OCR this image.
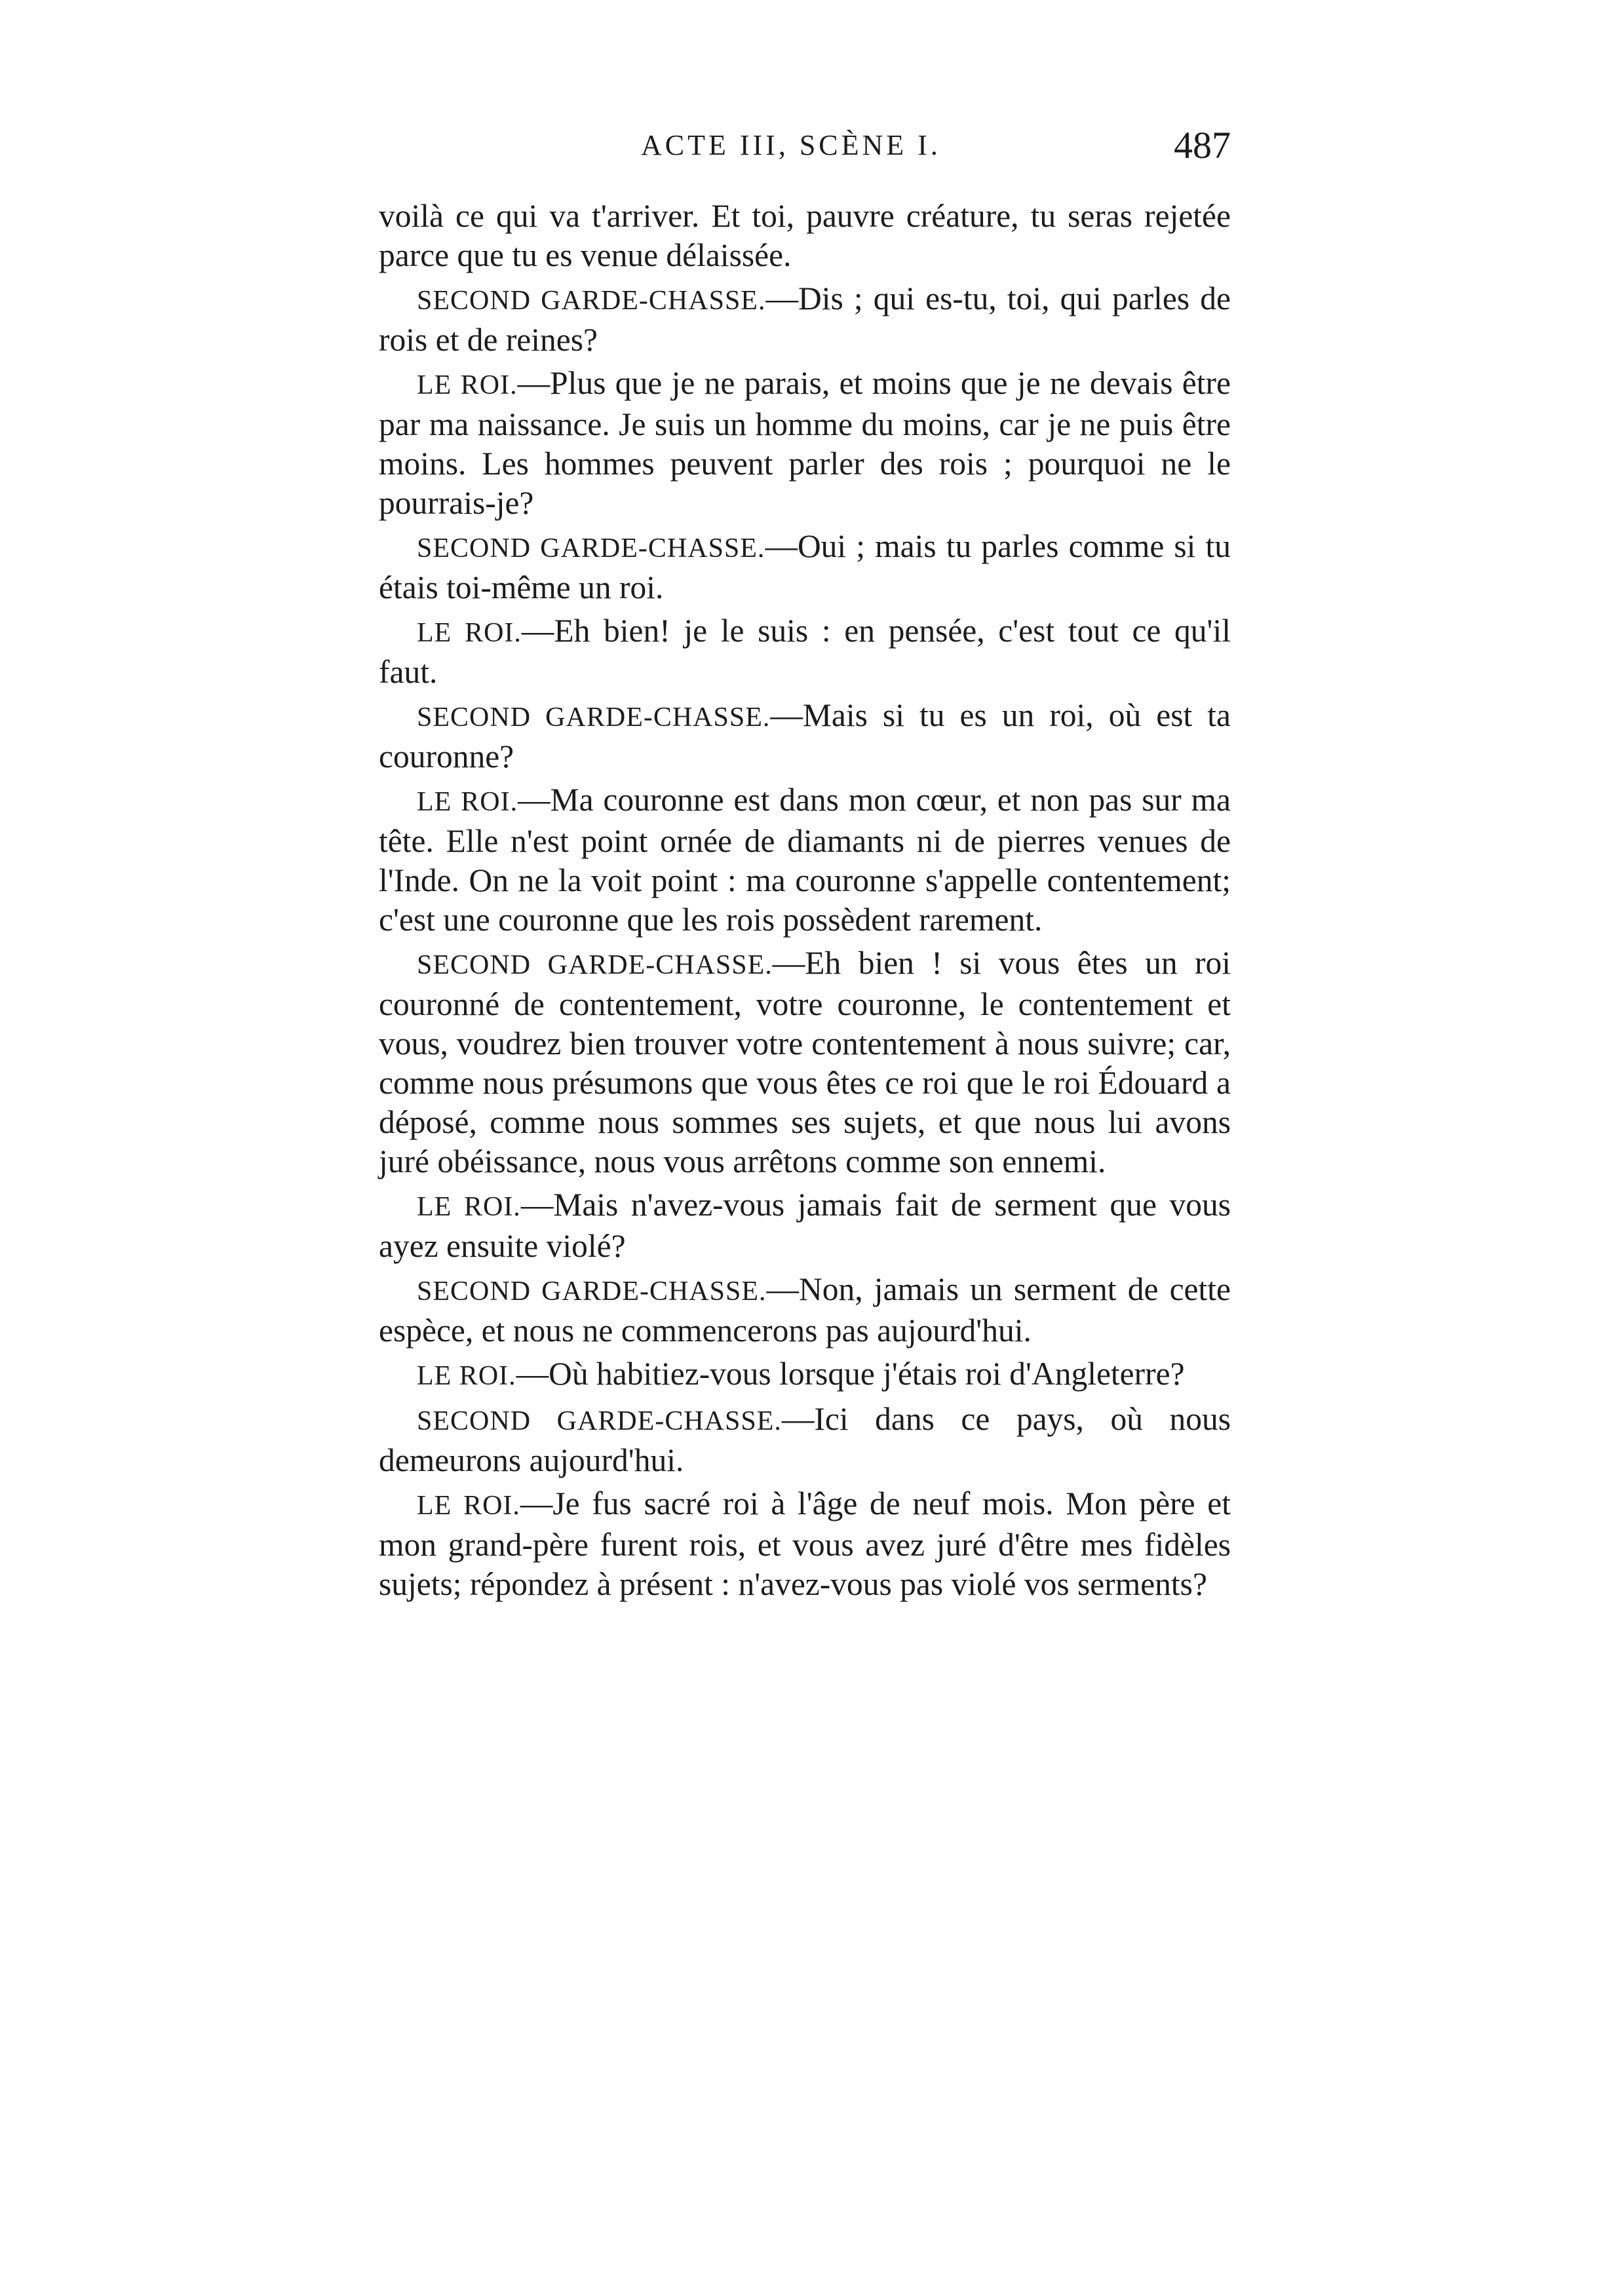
ACTE III, SCÈNE I.	487

voilà ce qui va t'arriver. Et toi, pauvre créature, tu seras rejetée parce que tu es venue délaissée.

SECOND GARDE-CHASSE.—Dis ; qui es-tu, toi, qui parles de rois et de reines?

LE ROI.—Plus que je ne parais, et moins que je ne devais être par ma naissance. Je suis un homme du moins, car je ne puis être moins. Les hommes peuvent parler des rois ; pourquoi ne le pourrais-je?

SECOND GARDE-CHASSE.—Oui ; mais tu parles comme si tu étais toi-même un roi.

LE ROI.—Eh bien! je le suis : en pensée, c'est tout ce qu'il faut.

SECOND GARDE-CHASSE.—Mais si tu es un roi, où est ta couronne?

LE ROI.—Ma couronne est dans mon cœur, et non pas sur ma tête. Elle n'est point ornée de diamants ni de pierres venues de l'Inde. On ne la voit point : ma couronne s'appelle contentement; c'est une couronne que les rois possèdent rarement.

SECOND GARDE-CHASSE.—Eh bien ! si vous êtes un roi couronné de contentement, votre couronne, le contentement et vous, voudrez bien trouver votre contentement à nous suivre; car, comme nous présumons que vous êtes ce roi que le roi Édouard a déposé, comme nous sommes ses sujets, et que nous lui avons juré obéissance, nous vous arrêtons comme son ennemi.

LE ROI.—Mais n'avez-vous jamais fait de serment que vous ayez ensuite violé?

SECOND GARDE-CHASSE.—Non, jamais un serment de cette espèce, et nous ne commencerons pas aujourd'hui.

LE ROI.—Où habitiez-vous lorsque j'étais roi d'Angleterre?

SECOND GARDE-CHASSE.—Ici dans ce pays, où nous demeurons aujourd'hui.

LE ROI.—Je fus sacré roi à l'âge de neuf mois. Mon père et mon grand-père furent rois, et vous avez juré d'être mes fidèles sujets; répondez à présent : n'avez-vous pas violé vos serments?
